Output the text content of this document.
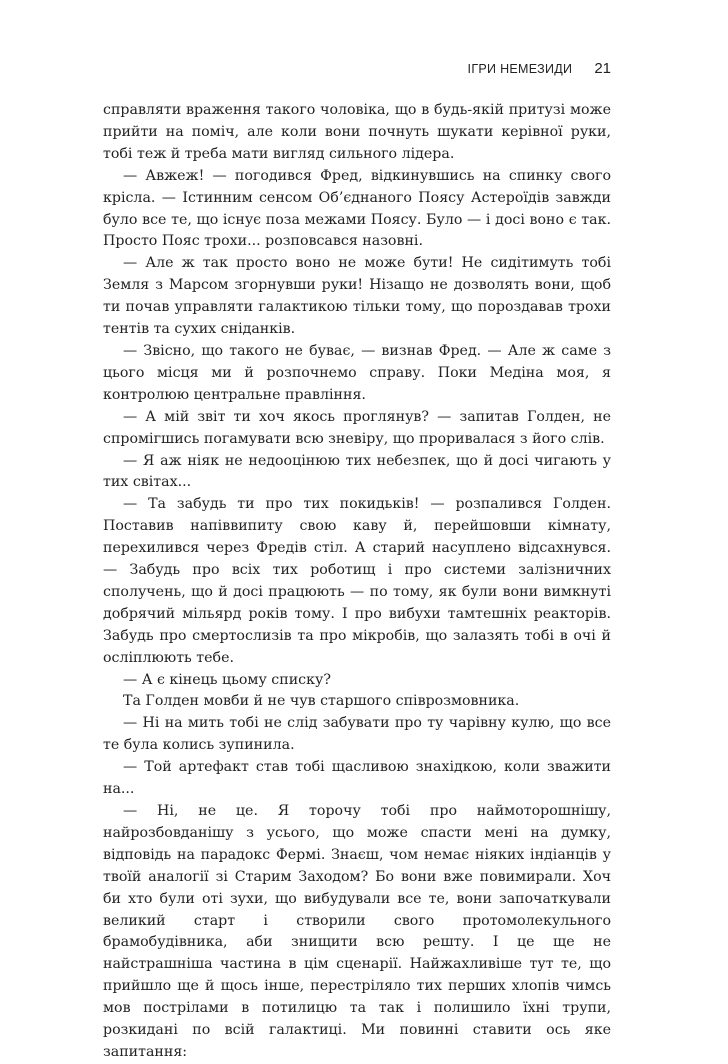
ІГРИ НЕМЕЗИДИ 21

справляти враження такого чоловіка, що в будь-якій притузі може прийти на поміч, але коли вони почнуть шукати керівної руки, тобі теж й треба мати вигляд сильного лідера.

— Авжеж! — погодився Фред, відкинувшись на спинку свого крісла. — Істинним сенсом Об’єднаного Поясу Астероїдів завжди було все те, що існує поза межами Поясу. Було — і досі воно є так. Просто Пояс трохи... розповсався назовні.

— Але ж так просто воно не може бути! Не сидітимуть тобі Земля з Марсом згорнувши руки! Нізащо не дозволять вони, щоб ти почав управляти галактикою тільки тому, що пороздавав трохи тентів та сухих сніданків.

— Звісно, що такого не буває, — визнав Фред. — Але ж саме з цього місця ми й розпочнемо справу. Поки Медіна моя, я контролюю центральне правління.

— А мій звіт ти хоч якось проглянув? — запитав Голден, не спромігшись погамувати всю зневіру, що проривалася з його слів.

— Я аж ніяк не недооцінюю тих небезпек, що й досі чигають у тих світах...

— Та забудь ти про тих покидьків! — розпалився Голден. Поставив напіввипиту свою каву й, перейшовши кімнату, перехилився через Фредів стіл. А старий насуплено відсахнувся. — Забудь про всіх тих роботищ і про системи залізничних сполучень, що й досі працюють — по тому, як були вони вимкнуті добрячий мільярд років тому. І про вибухи тамтешніх реакторів. Забудь про смертослизів та про мікробів, що залазять тобі в очі й осліплюють тебе.

— А є кінець цьому списку?

Та Голден мовби й не чув старшого співрозмовника.

— Ні на мить тобі не слід забувати про ту чарівну кулю, що все те була колись зупинила.

— Той артефакт став тобі щасливою знахідкою, коли зважити на...

— Ні, не це. Я торочу тобі про наймоторошнішу, найрозбовданішу з усього, що може спасти мені на думку, відповідь на парадокс Фермі. Знаєш, чом немає ніяких індіанців у твоїй аналогії зі Старим Заходом? Бо вони вже повимирали. Хоч би хто були оті зухи, що вибудували все те, вони започаткували великий старт і створили свого протомолекульного брамобудівника, аби знищити всю решту. І це ще не найстрашніша частина в цім сценарії. Найжахливіше тут те, що прийшло ще й щось інше, перестріляло тих перших хлопів чимсь мов пострілами в потилицю та так і полишило їхні трупи, розкидані по всій галактиці. Ми повинні ставити ось яке запитання:
